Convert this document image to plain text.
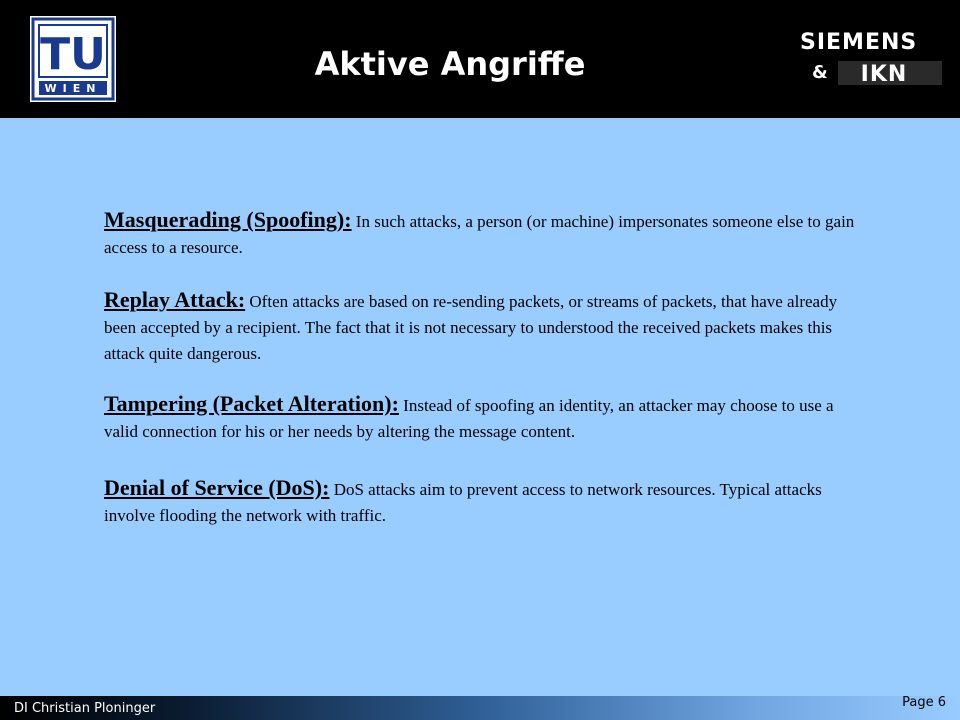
TU
WIEN
Aktive Angriffe
SIEMENS
& IKN

Masquerading (Spoofing): In such attacks, a person (or machine) impersonates someone else to gain access to a resource.

Replay Attack: Often attacks are based on re-sending packets, or streams of packets, that have already been accepted by a recipient. The fact that it is not necessary to understood the received packets makes this attack quite dangerous.

Tampering (Packet Alteration): Instead of spoofing an identity, an attacker may choose to use a valid connection for his or her needs by altering the message content.

Denial of Service (DoS): DoS attacks aim to prevent access to network resources. Typical attacks involve flooding the network with traffic.

DI Christian Ploninger	Page 6
